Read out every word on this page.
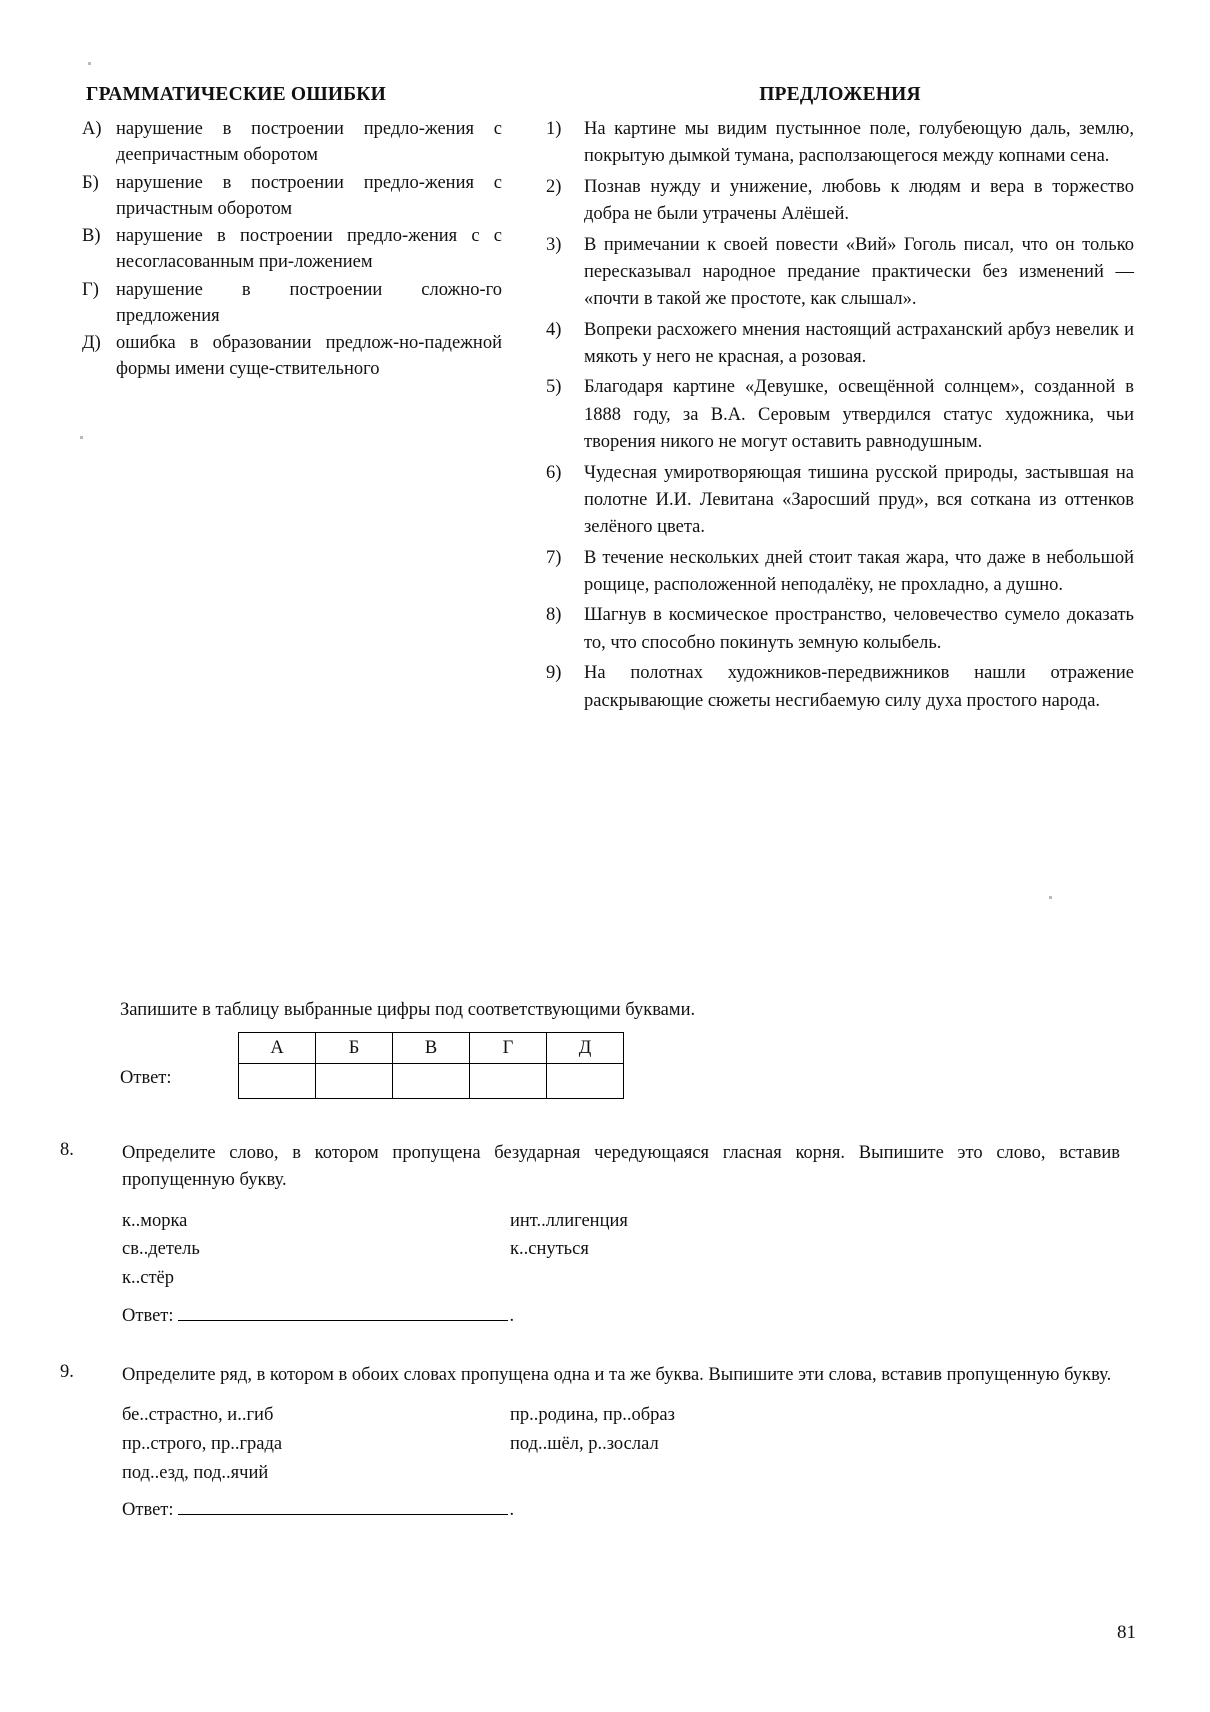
ГРАММАТИЧЕСКИЕ ОШИБКИ
А) нарушение в построении предло-жения с деепричастным оборотом
Б) нарушение в построении предло-жения с причастным оборотом
В) нарушение в построении предло-жения с с несогласованным при-ложением
Г) нарушение в построении сложно-го предложения
Д) ошибка в образовании предлож-но-падежной формы имени суще-ствительного
ПРЕДЛОЖЕНИЯ
1)	На картине мы видим пустынное поле, голубеющую даль, землю, покрытую дымкой тумана, расползающегося между копнами сена.
2)	Познав нужду и унижение, любовь к людям и вера в торжество добра не были утрачены Алёшей.
3)	В примечании к своей повести «Вий» Гоголь писал, что он только пересказывал народное предание практически без изменений — «почти в такой же простоте, как слышал».
4)	Вопреки расхожего мнения настоящий астраханский арбуз невелик и мякоть у него не красная, а розовая.
5)	Благодаря картине «Девушке, освещённой солнцем», созданной в 1888 году, за В.А. Серовым утвердился статус художника, чьи творения никого не могут оставить равнодушным.
6)	Чудесная умиротворяющая тишина русской природы, застывшая на полотне И.И. Левитана «Заросший пруд», вся соткана из оттенков зелёного цвета.
7)	В течение нескольких дней стоит такая жара, что даже в небольшой рощице, расположенной неподалёку, не прохладно, а душно.
8)	Шагнув в космическое пространство, человечество сумело доказать то, что способно покинуть земную колыбель.
9)	На полотнах художников-передвижников нашли отражение раскрывающие сюжеты несгибаемую силу духа простого народа.
Запишите в таблицу выбранные цифры под соответствующими буквами.
Ответ:
А	Б	В	Г	Д

8.	Определите слово, в котором пропущена безударная чередующаяся гласная корня. Выпишите это слово, вставив пропущенную букву.
к..морка
св..детель
к..стёр
инт..ллигенция
к..снуться
Ответ:	.
9.	Определите ряд, в котором в обоих словах пропущена одна и та же буква. Выпишите эти слова, вставив пропущенную букву.
бе..страстно, и..гиб
пр..строго, пр..града
под..езд, под..ячий
пр..родина, пр..образ
под..шёл, р..зослал
Ответ:	.
81
